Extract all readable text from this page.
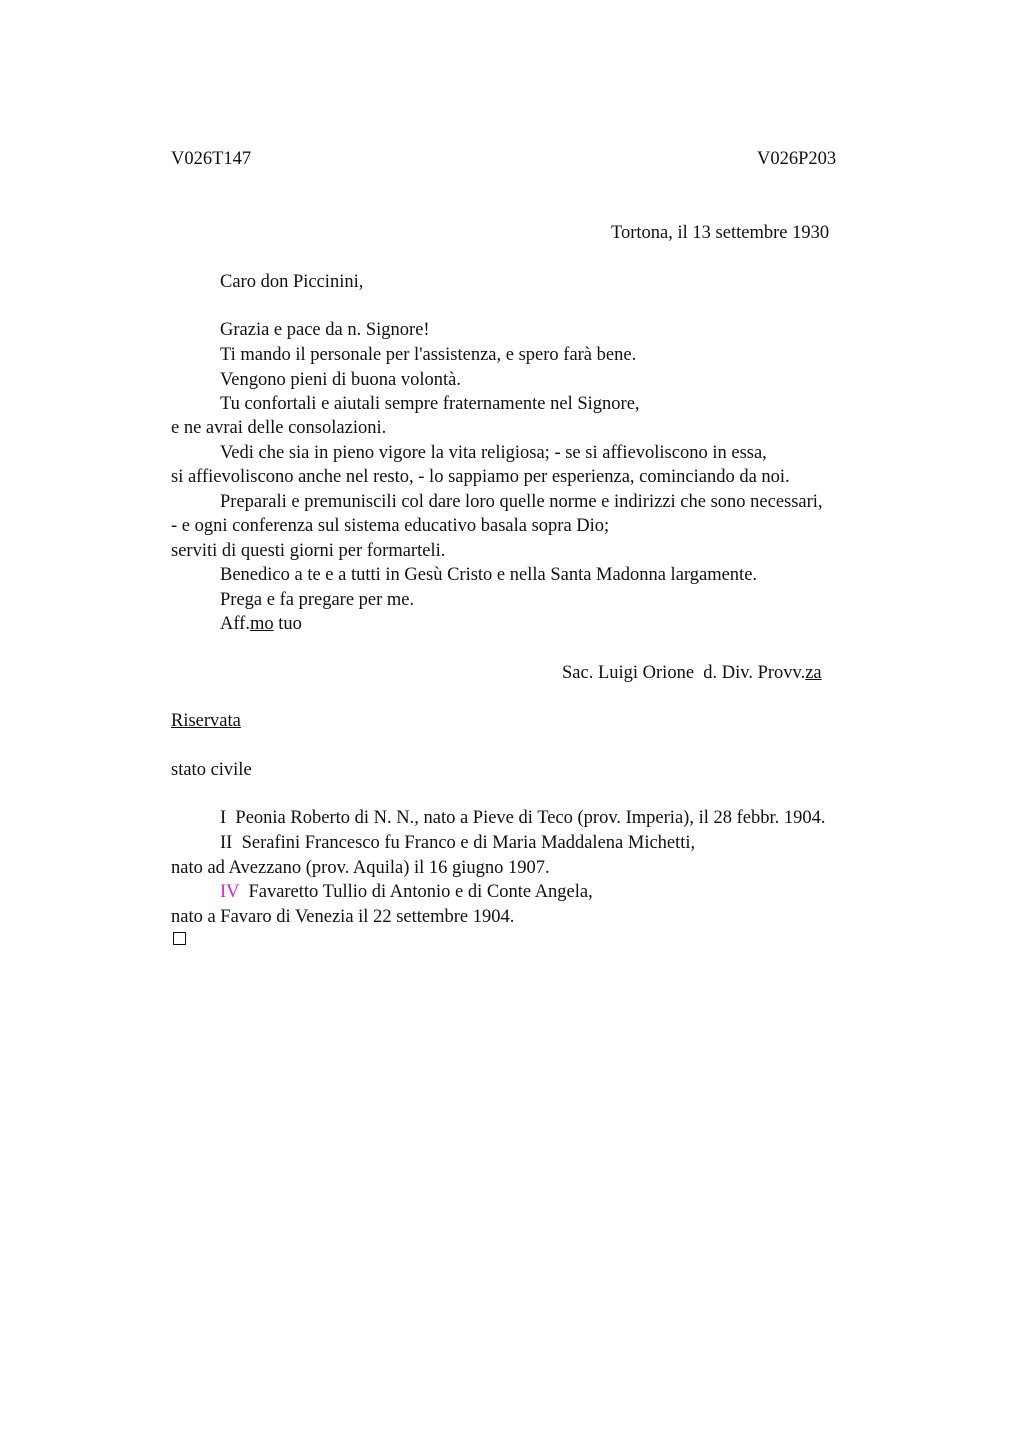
V026T147	V026P203
Tortona, il 13 settembre 1930
Caro don Piccinini,
Grazia e pace da n. Signore!
Ti mando il personale per l'assistenza, e spero farà bene.
Vengono pieni di buona volontà.
Tu confortali e aiutali sempre fraternamente nel Signore,
e ne avrai delle consolazioni.
Vedi che sia in pieno vigore la vita religiosa; - se si affievoliscono in essa,
si affievoliscono anche nel resto, - lo sappiamo per esperienza, cominciando da noi.
Preparali e premuniscili col dare loro quelle norme e indirizzi che sono necessari,
- e ogni conferenza sul sistema educativo basala sopra Dio;
serviti di questi giorni per formarteli.
Benedico a te e a tutti in Gesù Cristo e nella Santa Madonna largamente.
Prega e fa pregare per me.
Aff.mo tuo
Sac. Luigi Orione  d. Div. Provv.za
Riservata
stato civile
I  Peonia Roberto di N. N., nato a Pieve di Teco (prov. Imperia), il 28 febbr. 1904.
II  Serafini Francesco fu Franco e di Maria Maddalena Michetti,
nato ad Avezzano (prov. Aquila) il 16 giugno 1907.
IV  Favaretto Tullio di Antonio e di Conte Angela,
nato a Favaro di Venezia il 22 settembre 1904.
